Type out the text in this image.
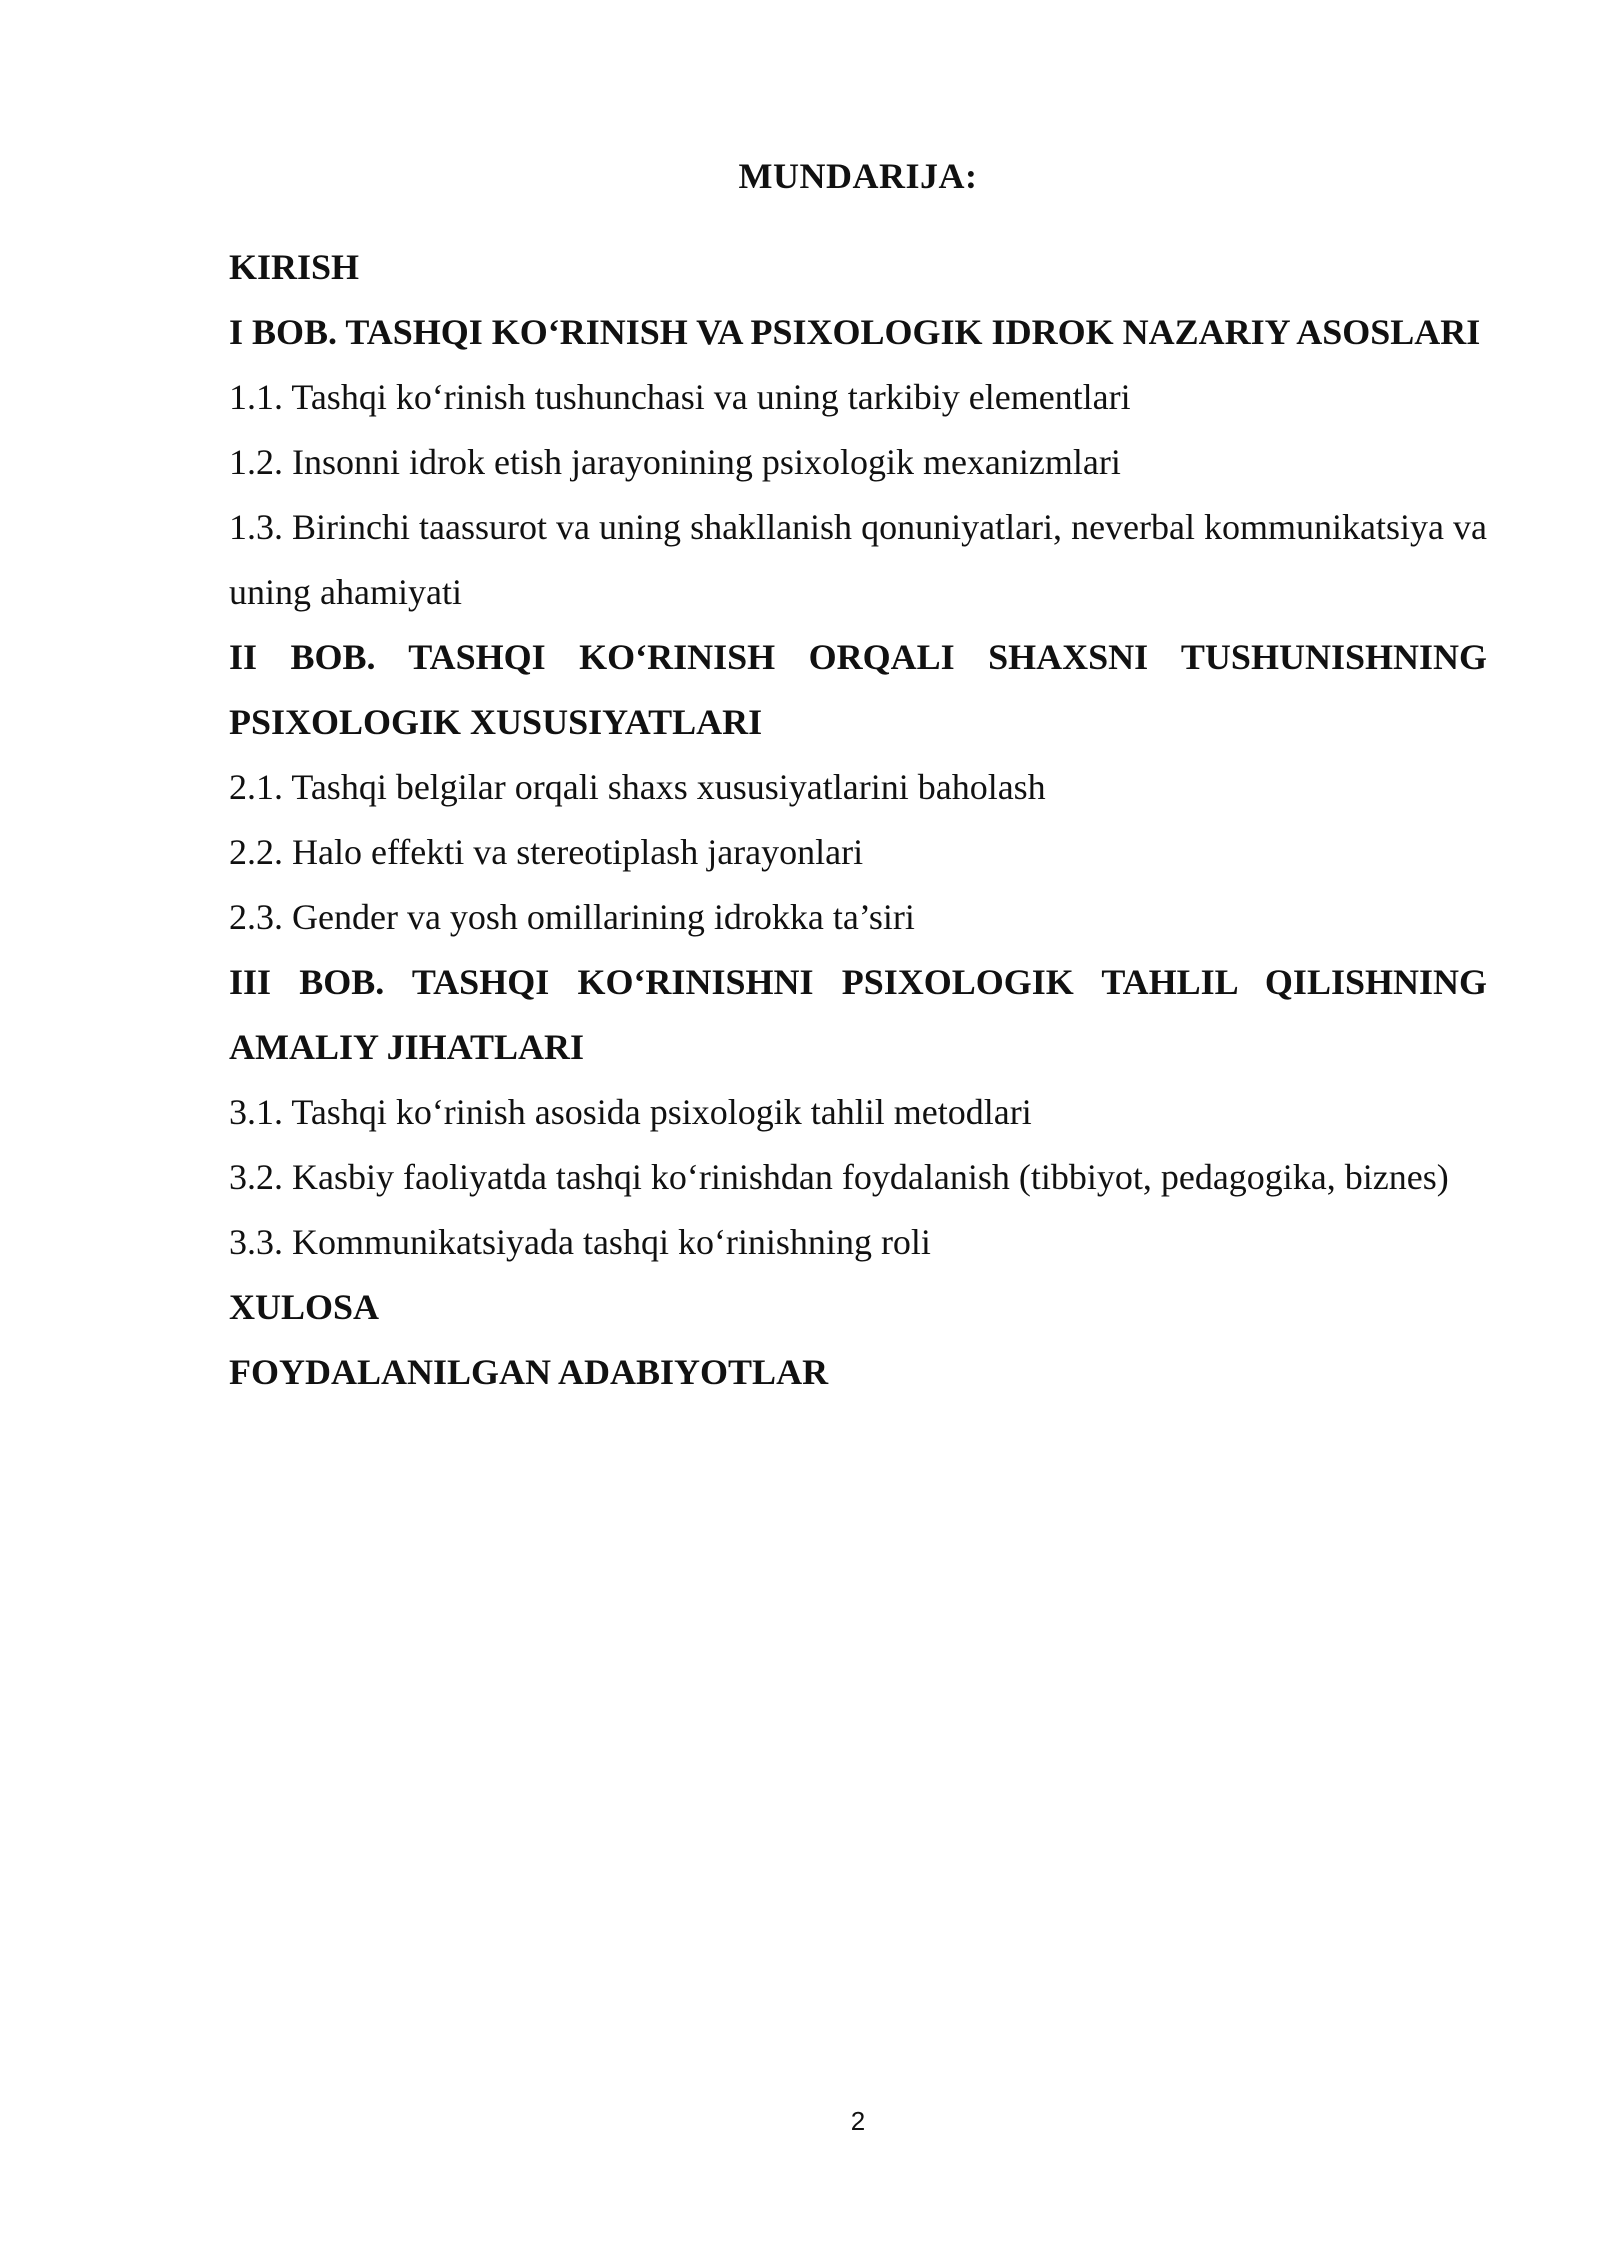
MUNDARIJA:
KIRISH
I BOB. TASHQI KO‘RINISH VA PSIXOLOGIK IDROK NAZARIY ASOSLARI
1.1. Tashqi ko‘rinish tushunchasi va uning tarkibiy elementlari
1.2. Insonni idrok etish jarayonining psixologik mexanizmlari
1.3. Birinchi taassurot va uning shakllanish qonuniyatlari, neverbal kommunikatsiya va uning ahamiyati
II BOB. TASHQI KO‘RINISH ORQALI SHAXSNI TUSHUNISHNING PSIXOLOGIK XUSUSIYATLARI
2.1. Tashqi belgilar orqali shaxs xususiyatlarini baholash
2.2. Halo effekti va stereotiplash jarayonlari
2.3. Gender va yosh omillarining idrokka ta’siri
III BOB. TASHQI KO‘RINISHNI PSIXOLOGIK TAHLIL QILISHNING AMALIY JIHATLARI
3.1. Tashqi ko‘rinish asosida psixologik tahlil metodlari
3.2. Kasbiy faoliyatda tashqi ko‘rinishdan foydalanish (tibbiyot, pedagogika, biznes)
3.3. Kommunikatsiyada tashqi ko‘rinishning roli
XULOSA
FOYDALANILGAN ADABIYOTLAR
2
